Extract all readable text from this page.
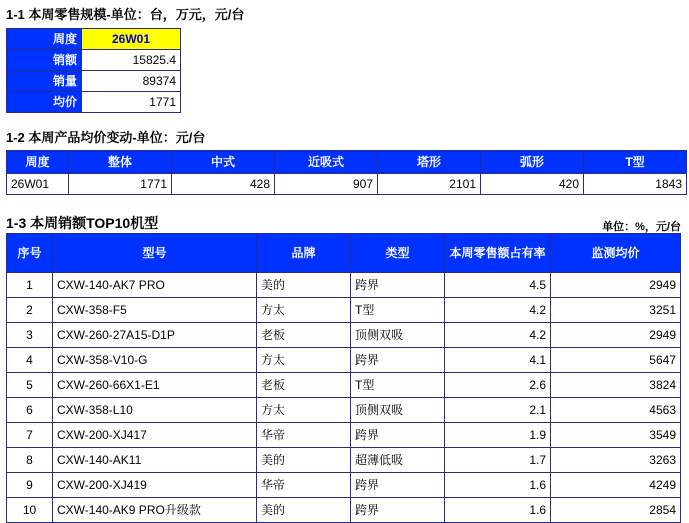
1-1 本周零售规模-单位：台，万元，元/台
周度	26W01
销额	15825.4
销量	89374
均价	1771
1-2 本周产品均价变动-单位：元/台
周度	整体	中式	近吸式	塔形	弧形	T型
26W01	1771	428	907	2101	420	1843
1-3 本周销额TOP10机型	单位：%，元/台
序号	型号	品牌	类型	本周零售额占有率	监测均价
1	CXW-140-AK7 PRO	美的	跨界	4.5	2949
2	CXW-358-F5	方太	T型	4.2	3251
3	CXW-260-27A15-D1P	老板	顶侧双吸	4.2	2949
4	CXW-358-V10-G	方太	跨界	4.1	5647
5	CXW-260-66X1-E1	老板	T型	2.6	3824
6	CXW-358-L10	方太	顶侧双吸	2.1	4563
7	CXW-200-XJ417	华帝	跨界	1.9	3549
8	CXW-140-AK11	美的	超薄低吸	1.7	3263
9	CXW-200-XJ419	华帝	跨界	1.6	4249
10	CXW-140-AK9 PRO升级款	美的	跨界	1.6	2854
